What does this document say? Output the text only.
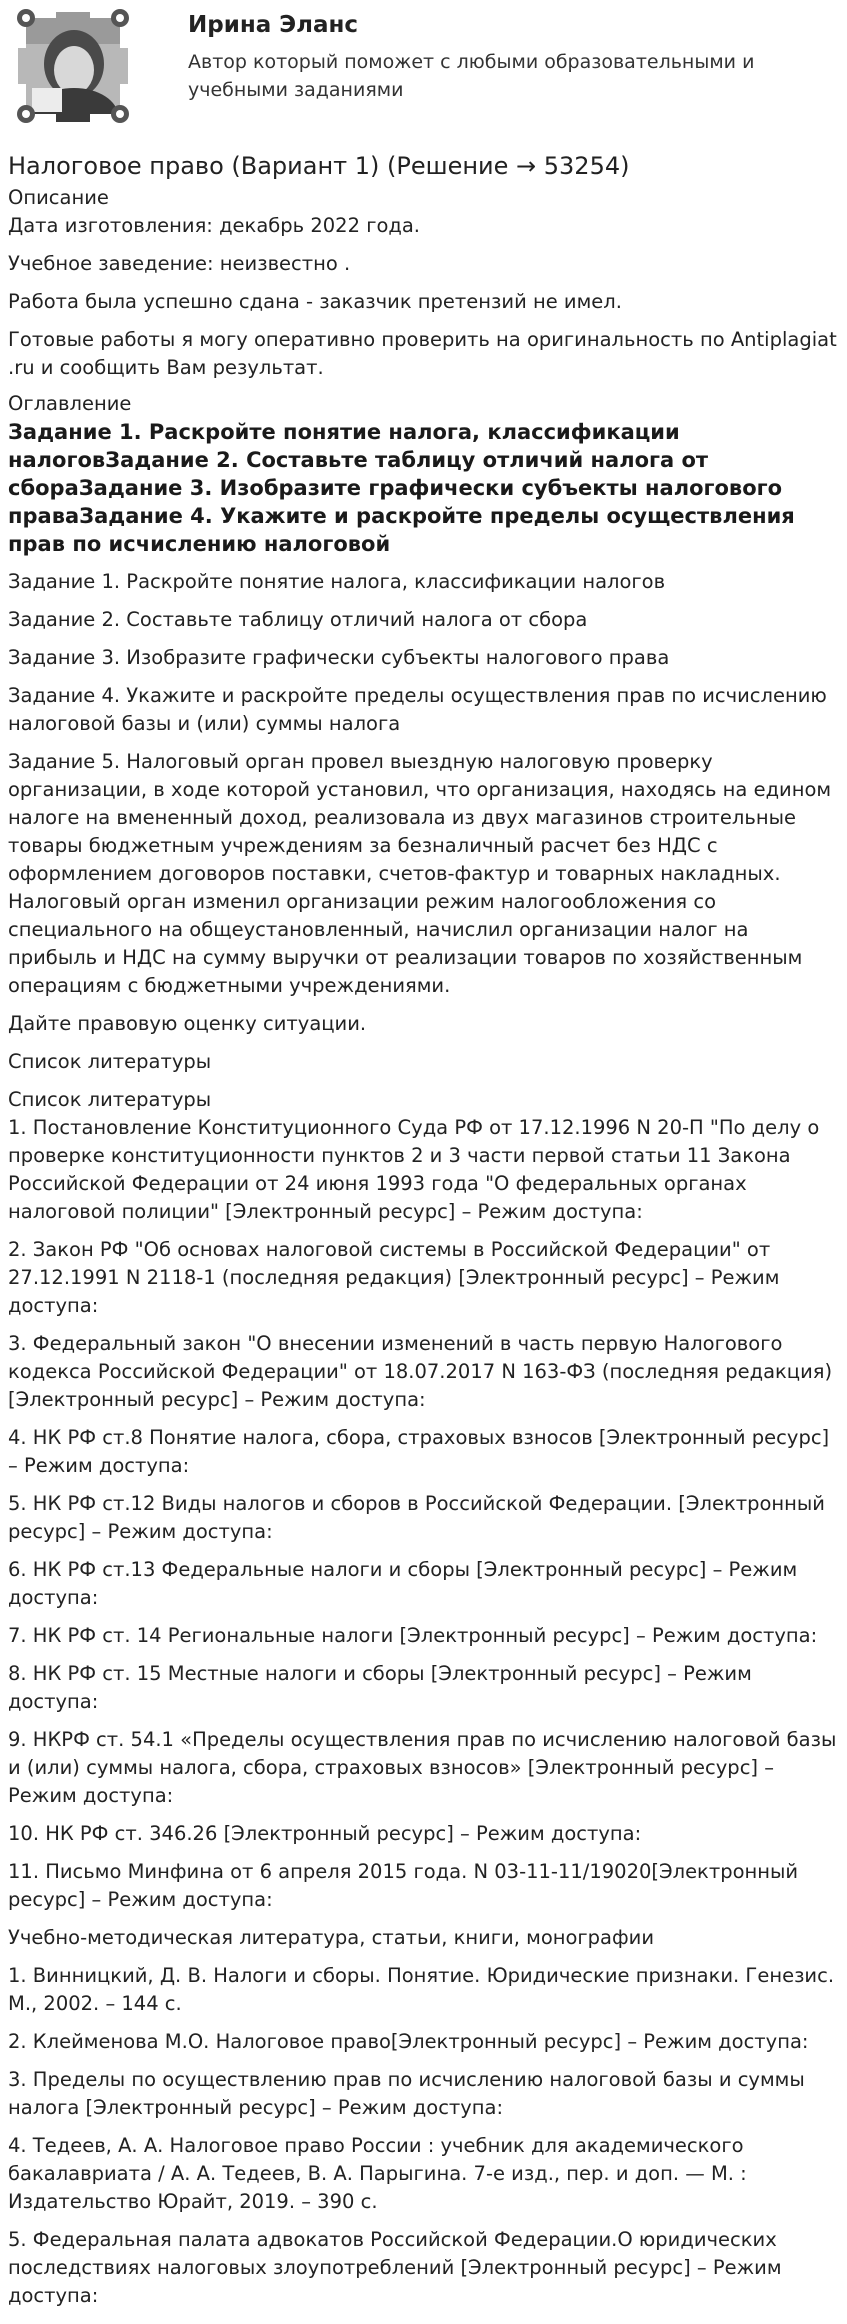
Ирина Эланс
Автор который поможет с любыми образовательными и учебными заданиями
Налоговое право (Вариант 1) (Решение → 53254)
Описание

Дата изготовления: декабрь 2022 года.

Учебное заведение: неизвестно .

Работа была успешно сдана - заказчик претензий не имел.

Готовые работы я могу оперативно проверить на оригинальность по Antiplagiat .ru и сообщить Вам результат.

Оглавление
Задание 1. Раскройте понятие налога, классификации налоговЗадание 2. Составьте таблицу отличий налога от сбораЗадание 3. Изобразите графически субъекты налогового праваЗадание 4. Укажите и раскройте пределы осуществления прав по исчислению налоговой

Задание 1. Раскройте понятие налога, классификации налогов

Задание 2. Составьте таблицу отличий налога от сбора

Задание 3. Изобразите графически субъекты налогового права

Задание 4. Укажите и раскройте пределы осуществления прав по исчислению налоговой базы и (или) суммы налога

Задание 5. Налоговый орган провел выездную налоговую проверку организации, в ходе которой установил, что организация, находясь на едином налоге на вмененный доход, реализовала из двух магазинов строительные товары бюджетным учреждениям за безналичный расчет без НДС с оформлением договоров поставки, счетов-фактур и товарных накладных. Налоговый орган изменил организации режим налогообложения со специального на общеустановленный, начислил организации налог на прибыль и НДС на сумму выручки от реализации товаров по хозяйственным операциям с бюджетными учреждениями.

Дайте правовую оценку ситуации.

Список литературы

Список литературы

1. Постановление Конституционного Суда РФ от 17.12.1996 N 20-П "По делу о проверке конституционности пунктов 2 и 3 части первой статьи 11 Закона Российской Федерации от 24 июня 1993 года "О федеральных органах налоговой полиции" [Электронный ресурс] – Режим доступа:

2. Закон РФ "Об основах налоговой системы в Российской Федерации" от 27.12.1991 N 2118-1 (последняя редакция) [Электронный ресурс] – Режим доступа:

3. Федеральный закон "О внесении изменений в часть первую Налогового кодекса Российской Федерации" от 18.07.2017 N 163-ФЗ (последняя редакция) [Электронный ресурс] – Режим доступа:

4. НК РФ ст.8 Понятие налога, сбора, страховых взносов [Электронный ресурс] – Режим доступа:

5. НК РФ ст.12 Виды налогов и сборов в Российской Федерации. [Электронный ресурс] – Режим доступа:

6. НК РФ ст.13 Федеральные налоги и сборы [Электронный ресурс] – Режим доступа:

7. НК РФ ст. 14 Региональные налоги [Электронный ресурс] – Режим доступа:

8. НК РФ ст. 15 Местные налоги и сборы [Электронный ресурс] – Режим доступа:

9. НКРФ ст. 54.1 «Пределы осуществления прав по исчислению налоговой базы и (или) суммы налога, сбора, страховых взносов» [Электронный ресурс] – Режим доступа:

10. НК РФ ст. 346.26 [Электронный ресурс] – Режим доступа:

11. Письмо Минфина от 6 апреля 2015 года. N 03-11-11/19020[Электронный ресурс] – Режим доступа:

Учебно-методическая литература, статьи, книги, монографии

1. Винницкий, Д. В. Налоги и сборы. Понятие. Юридические признаки. Генезис. М., 2002. – 144 с.

2. Клейменова М.О. Налоговое право[Электронный ресурс] – Режим доступа:

3. Пределы по осуществлению прав по исчислению налоговой базы и суммы налога [Электронный ресурс] – Режим доступа:

4. Тедеев, А. А. Налоговое право России : учебник для академического бакалавриата / А. А. Тедеев, В. А. Парыгина. 7-е изд., пер. и доп. — М. : Издательство Юрайт, 2019. – 390 с.

5. Федеральная палата адвокатов Российской Федерации.О юридических последствиях налоговых злоупотреблений [Электронный ресурс] – Режим доступа:
